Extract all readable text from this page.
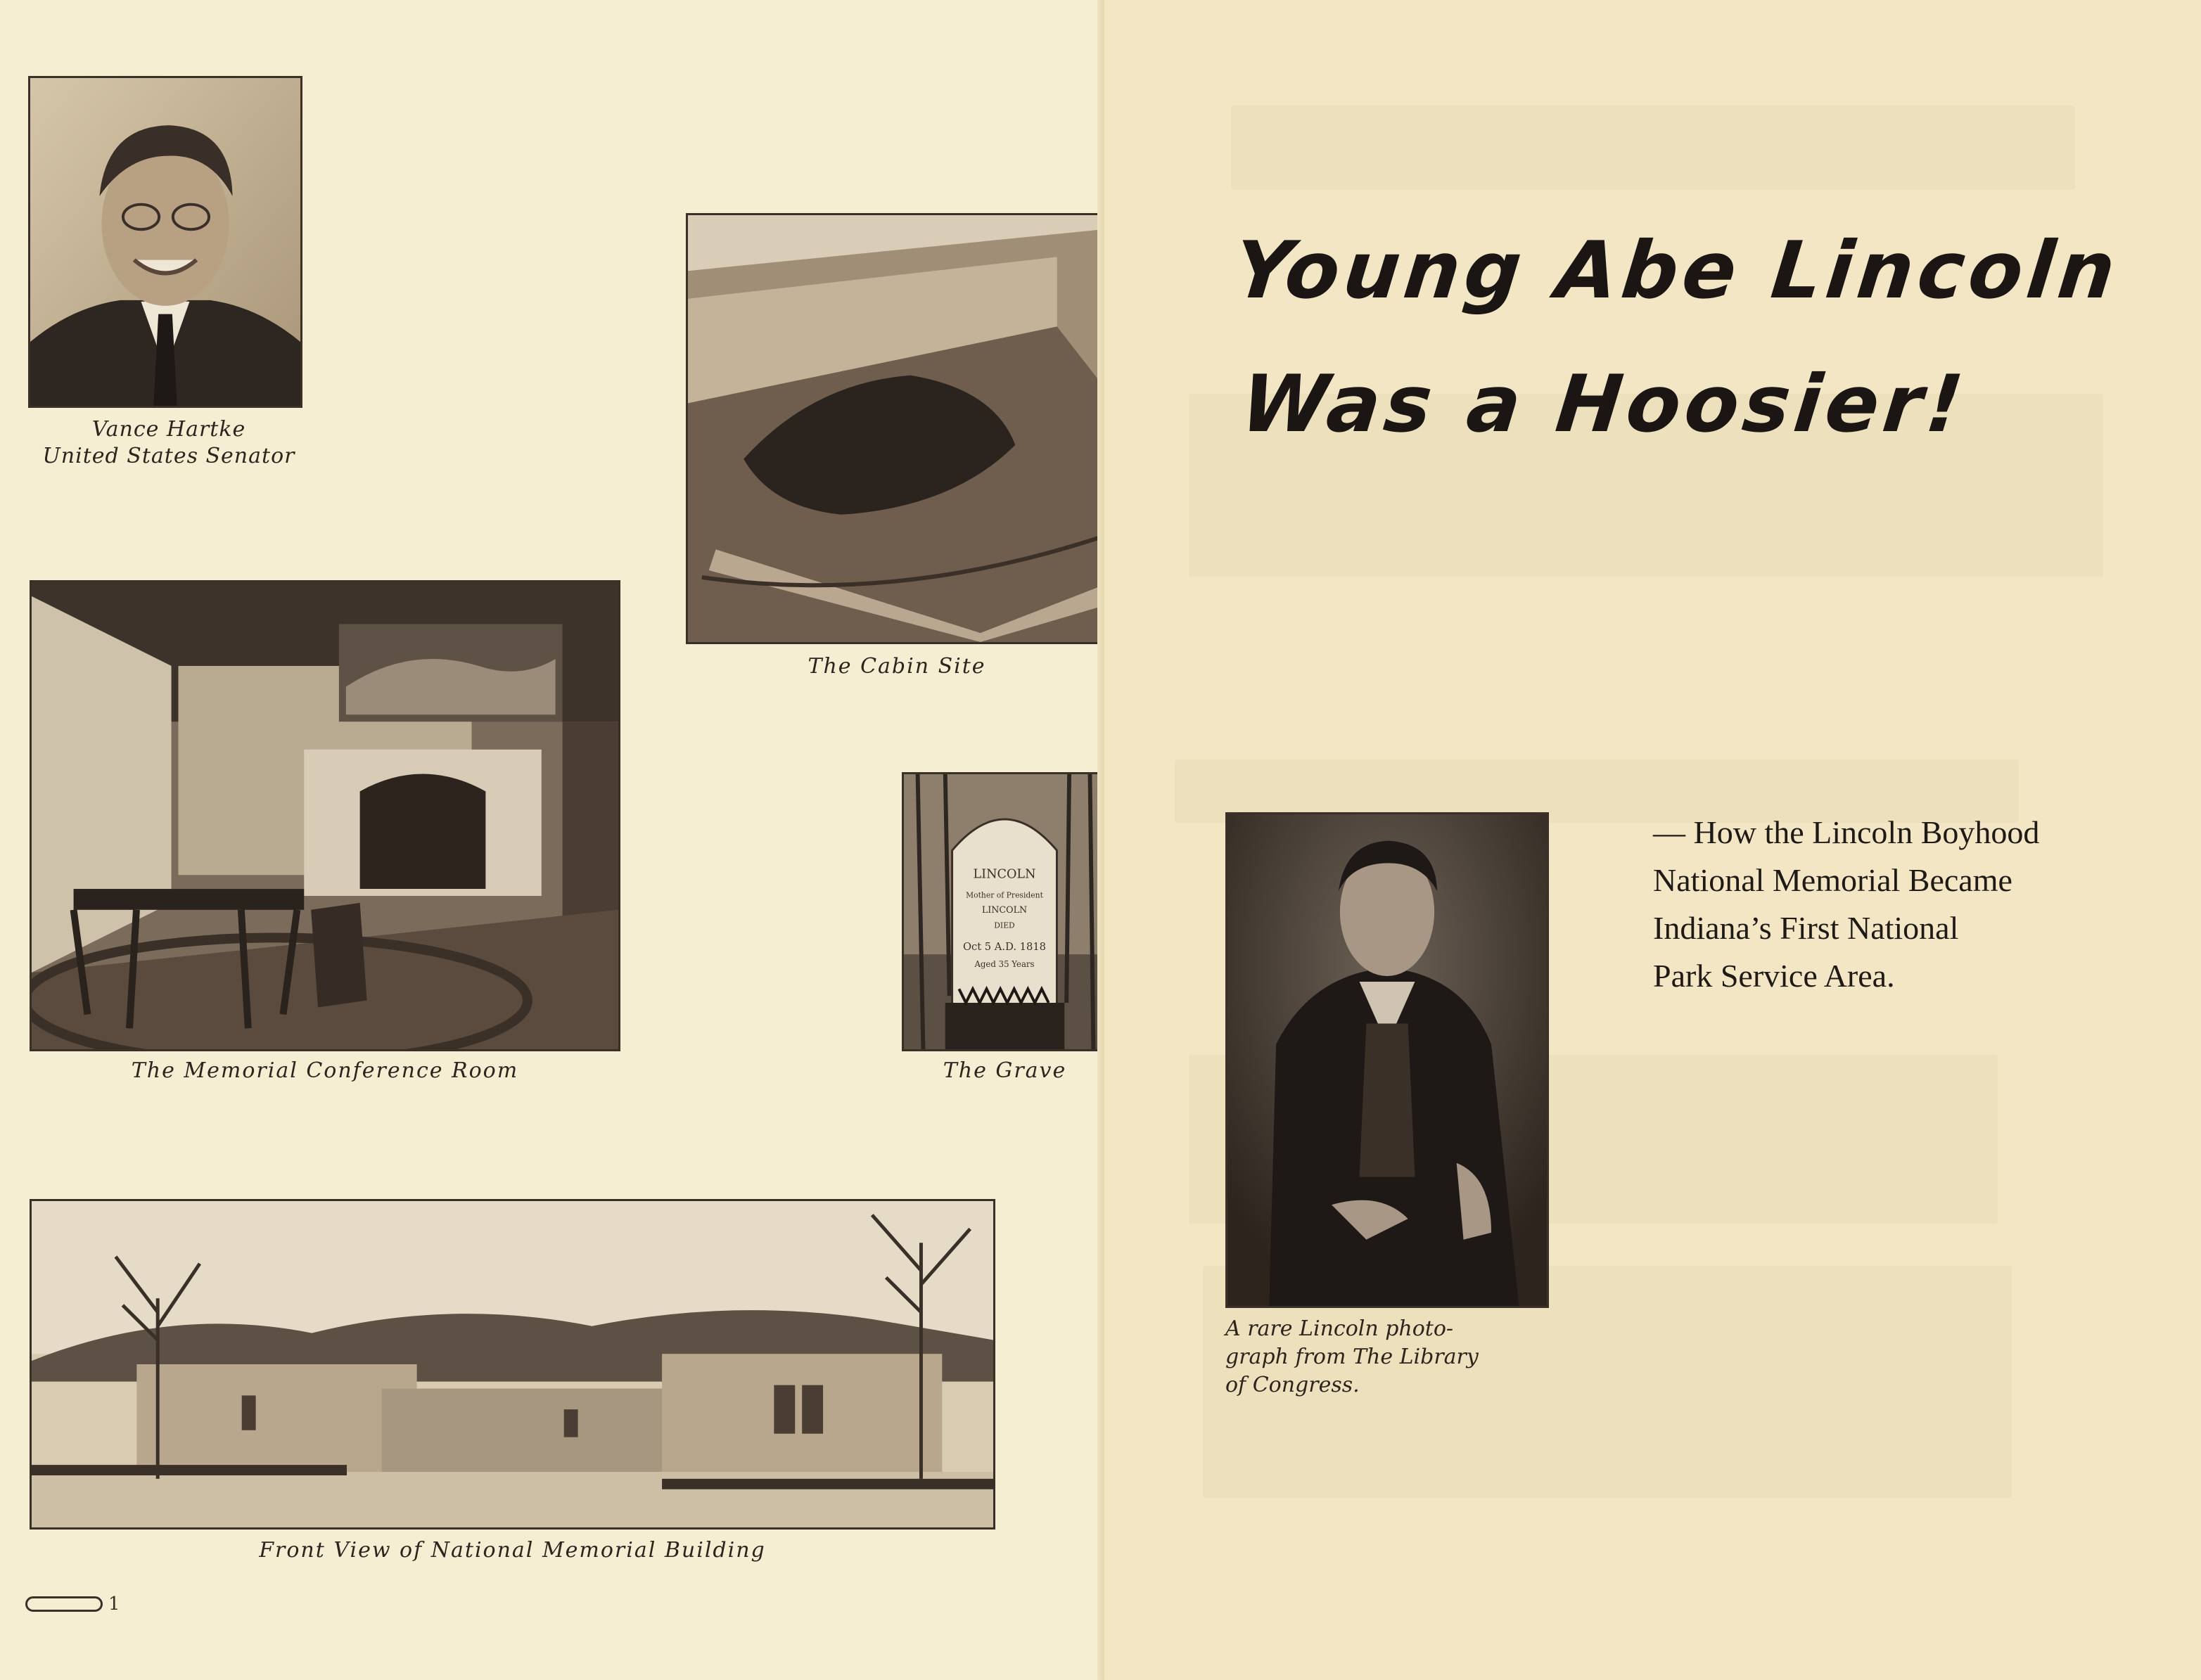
Vance Hartke
United States Senator
The Cabin Site
The Memorial Conference Room
LINCOLN
Mother of President
LINCOLN
DIED
Oct 5 A.D. 1818
Aged 35 Years
The Grave
Front View of National Memorial Building
1
Young Abe Lincoln
Was a Hoosier!
— How the Lincoln Boyhood
National Memorial Became
Indiana’s First National
Park Service Area.
A rare Lincoln photo-
graph from The Library
of Congress.
